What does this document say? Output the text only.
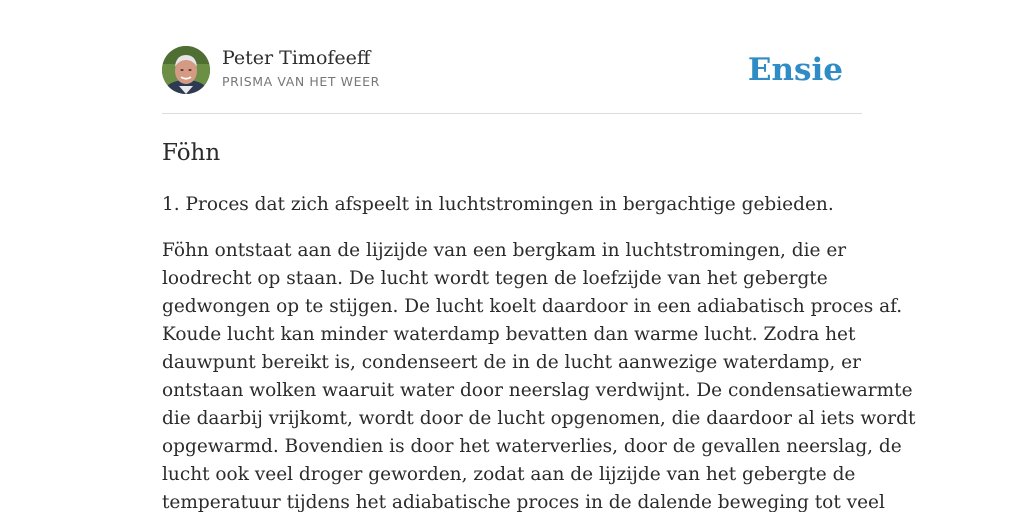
Peter Timofeeff
PRISMA VAN HET WEER	Ensie
Föhn

1. Proces dat zich afspeelt in luchtstromingen in bergachtige gebieden.

Föhn ontstaat aan de lijzijde van een bergkam in luchtstromingen, die er
loodrecht op staan. De lucht wordt tegen de loefzijde van het gebergte
gedwongen op te stijgen. De lucht koelt daardoor in een adiabatisch proces af.
Koude lucht kan minder waterdamp bevatten dan warme lucht. Zodra het
dauwpunt bereikt is, condenseert de in de lucht aanwezige waterdamp, er
ontstaan wolken waaruit water door neerslag verdwijnt. De condensatiewarmte
die daarbij vrijkomt, wordt door de lucht opgenomen, die daardoor al iets wordt
opgewarmd. Bovendien is door het waterverlies, door de gevallen neerslag, de
lucht ook veel droger geworden, zodat aan de lijzijde van het gebergte de
temperatuur tijdens het adiabatische proces in de dalende beweging tot veel
